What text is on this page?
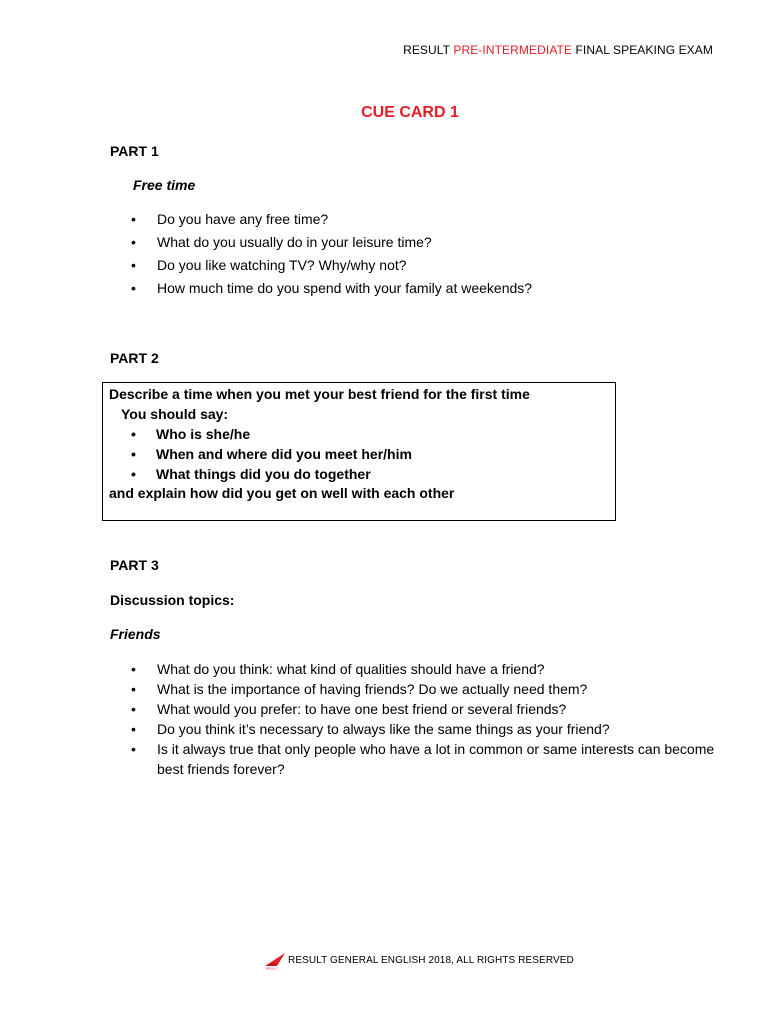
RESULT PRE-INTERMEDIATE FINAL SPEAKING EXAM
CUE CARD 1
PART 1
Free time
• Do you have any free time?
• What do you usually do in your leisure time?
• Do you like watching TV? Why/why not?
• How much time do you spend with your family at weekends?
PART 2
Describe a time when you met your best friend for the first time
You should say:
• Who is she/he
• When and where did you meet her/him
• What things did you do together
and explain how did you get on well with each other
PART 3
Discussion topics:
Friends
• What do you think: what kind of qualities should have a friend?
• What is the importance of having friends? Do we actually need them?
• What would you prefer: to have one best friend or several friends?
• Do you think it’s necessary to always like the same things as your friend?
• Is it always true that only people who have a lot in common or same interests can become best friends forever?
RESULT
RESULT GENERAL ENGLISH 2018, ALL RIGHTS RESERVED
